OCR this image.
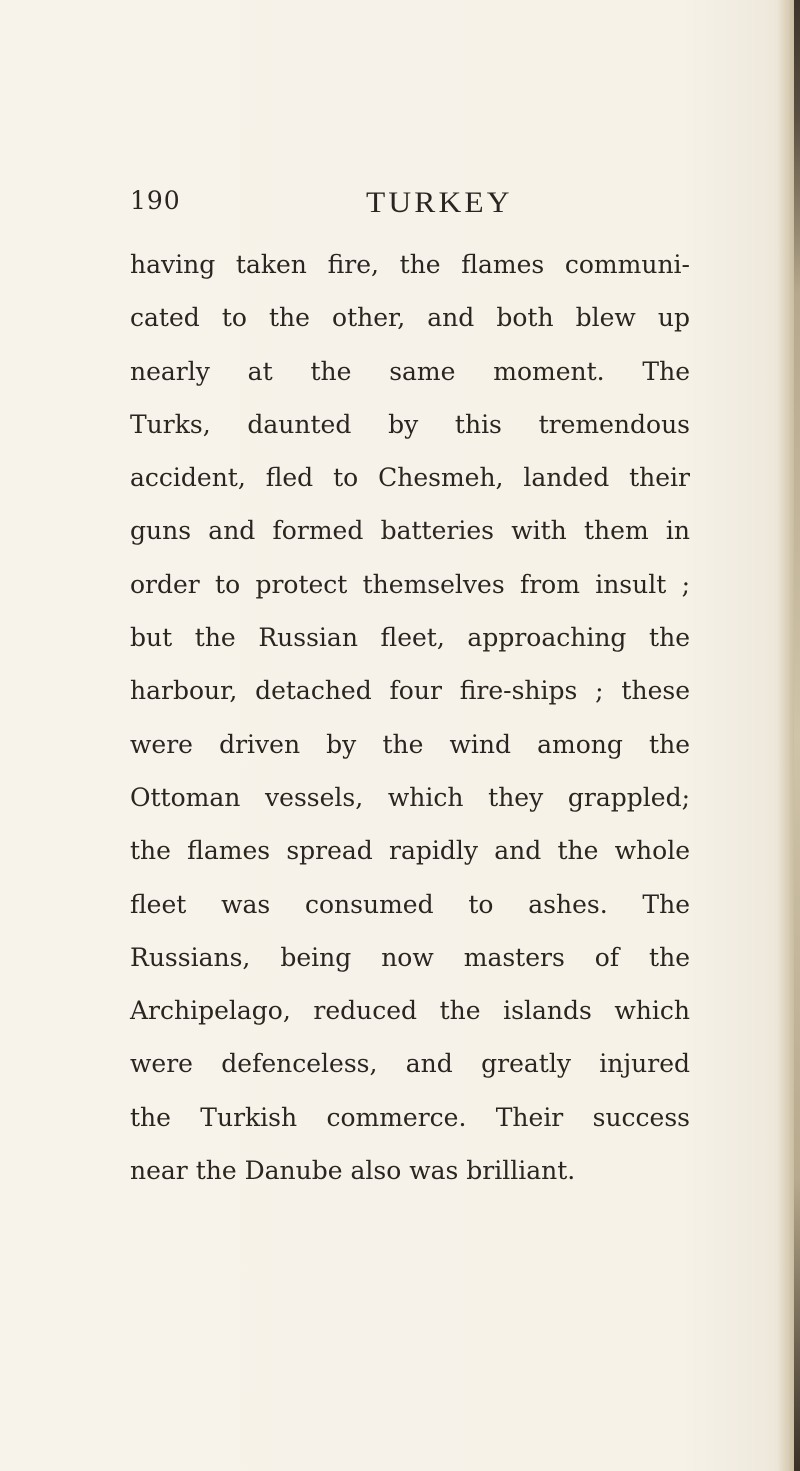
190	TURKEY
having taken fire, the flames communi-
cated to the other, and both blew up
nearly at the same moment. The
Turks, daunted by this tremendous
accident, fled to Chesmeh, landed their
guns and formed batteries with them in
order to protect themselves from insult ;
but the Russian fleet, approaching the
harbour, detached four fire-ships ; these
were driven by the wind among the
Ottoman vessels, which they grappled;
the flames spread rapidly and the whole
fleet was consumed to ashes. The
Russians, being now masters of the
Archipelago, reduced the islands which
were defenceless, and greatly injured
the Turkish commerce. Their success
near the Danube also was brilliant.
